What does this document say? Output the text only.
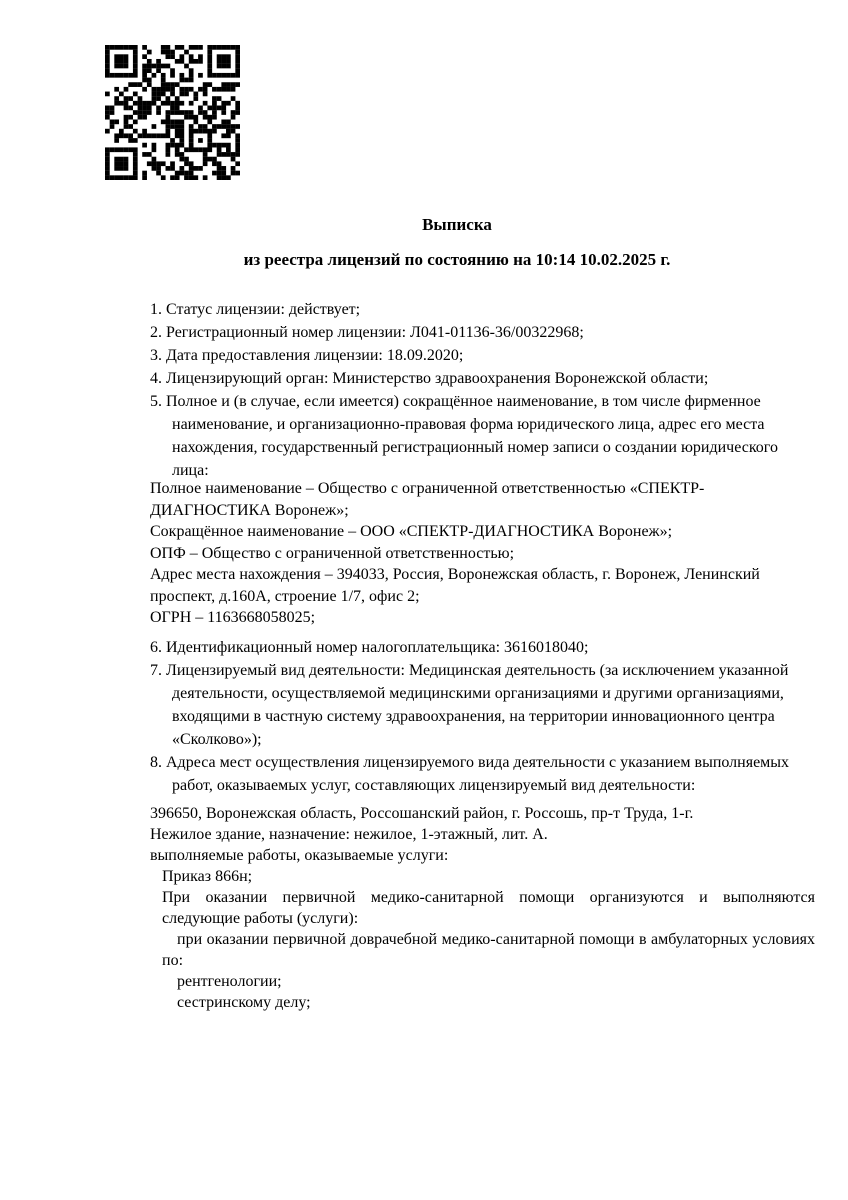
Выписка
из реестра лицензий по состоянию на 10:14 10.02.2025 г.

1. Статус лицензии: действует;

2. Регистрационный номер лицензии: Л041-01136-36/00322968;

3. Дата предоставления лицензии: 18.09.2020;

4. Лицензирующий орган: Министерство здравоохранения Воронежской области;

5. Полное и (в случае, если имеется) сокращённое наименование, в том числе фирменное наименование, и организационно-правовая форма юридического лица, адрес его места нахождения, государственный регистрационный номер записи о создании юридического лица:

Полное наименование – Общество с ограниченной ответственностью «СПЕКТР-ДИАГНОСТИКА Воронеж»;

Сокращённое наименование – ООО «СПЕКТР-ДИАГНОСТИКА Воронеж»;

ОПФ – Общество с ограниченной ответственностью;

Адрес места нахождения – 394033, Россия, Воронежская область, г. Воронеж, Ленинский проспект, д.160А, строение 1/7, офис 2;

ОГРН – 1163668058025;

6. Идентификационный номер налогоплательщика: 3616018040;

7. Лицензируемый вид деятельности: Медицинская деятельность (за исключением указанной деятельности, осуществляемой медицинскими организациями и другими организациями, входящими в частную систему здравоохранения, на территории инновационного центра «Сколково»);

8. Адреса мест осуществления лицензируемого вида деятельности с указанием выполняемых работ, оказываемых услуг, составляющих лицензируемый вид деятельности:

396650, Воронежская область, Россошанский район, г. Россошь, пр-т Труда, 1-г.

Нежилое здание, назначение: нежилое, 1-этажный, лит. А.

выполняемые работы, оказываемые услуги:

Приказ 866н;

При оказании первичной медико-санитарной помощи организуются и выполняются следующие работы (услуги):

при оказании первичной доврачебной медико-санитарной помощи в амбулаторных условиях по:

рентгенологии;

сестринскому делу;
